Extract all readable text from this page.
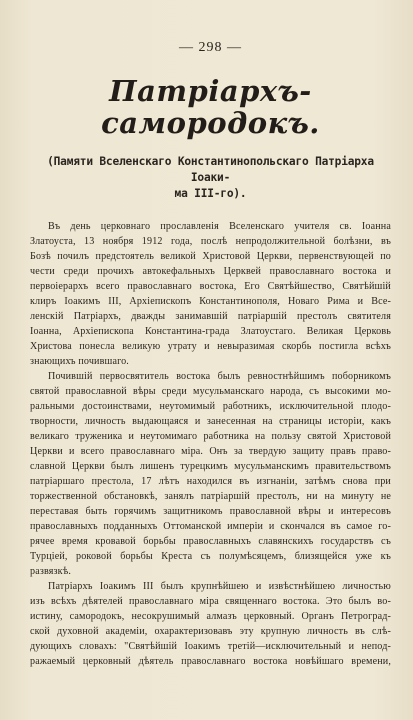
— 298 —
Патріархъ-самородокъ.
(Памяти Вселенскаго Константинопольскаго Патріарха Іоаки-
ма III-го).
Въ день церковнаго прославленія Вселенскаго учителя св. Іоанна
Златоуста, 13 ноября 1912 года, послѣ непродолжительной болѣзни, въ
Бозѣ почилъ предстоятель великой Христовой Церкви, первенствующей по
чести среди прочихъ автокефальныхъ Церквей православнаго востока и
первоіерархъ всего православнаго востока, Его Святѣйшество, Святѣйшій
клиръ Іоакимъ III, Архіепископъ Константинополя, Новаго Рима и Все-
ленскій Патріархъ, дважды занимавшій патріаршій престолъ святителя
Іоанна, Архіепископа Константина-града Златоустаго. Великая Церковь
Христова понесла великую утрату и невыразимая скорбь постигла всѣхъ
знающихъ почившаго.
Почившій первосвятитель востока былъ ревностнѣйшимъ поборникомъ
святой православной вѣры среди мусульманскаго народа, съ высокими мо-
ральными достоинствами, неутомимый работникъ, исключительной плодо-
творности, личность выдающаяся и занесенная на страницы исторіи, какъ
великаго труженика и неутомимаго работника на пользу святой Христовой
Церкви и всего православнаго міра. Онъ за твердую защиту правъ право-
славной Церкви былъ лишенъ турецкимъ мусульманскимъ правительствомъ
патріаршаго престола, 17 лѣтъ находился въ изгнаніи, затѣмъ снова при
торжественной обстановкѣ, занялъ патріаршій престолъ, ни на минуту не
переставая быть горячимъ защитникомъ православной вѣры и интересовъ
православныхъ подданныхъ Оттоманской имперіи и скончался въ самое го-
рячее время кровавой борьбы православныхъ славянскихъ государствъ съ
Турціей, роковой борьбы Креста съ полумѣсяцемъ, близящейся уже къ
развязкѣ.
Патріархъ Іоакимъ III былъ крупнѣйшею и извѣстнѣйшею личностью
изъ всѣхъ дѣятелей православнаго міра священнаго востока. Это былъ во-
истину, самородокъ, несокрушимый алмазъ церковный. Органъ Петроград-
ской духовной академіи, охарактеризовавъ эту крупную личность въ слѣ-
дующихъ словахъ: "Святѣйшій Іоакимъ третій—исключительный и непод-
ражаемый церковный дѣятель православнаго востока новѣйшаго времени,
